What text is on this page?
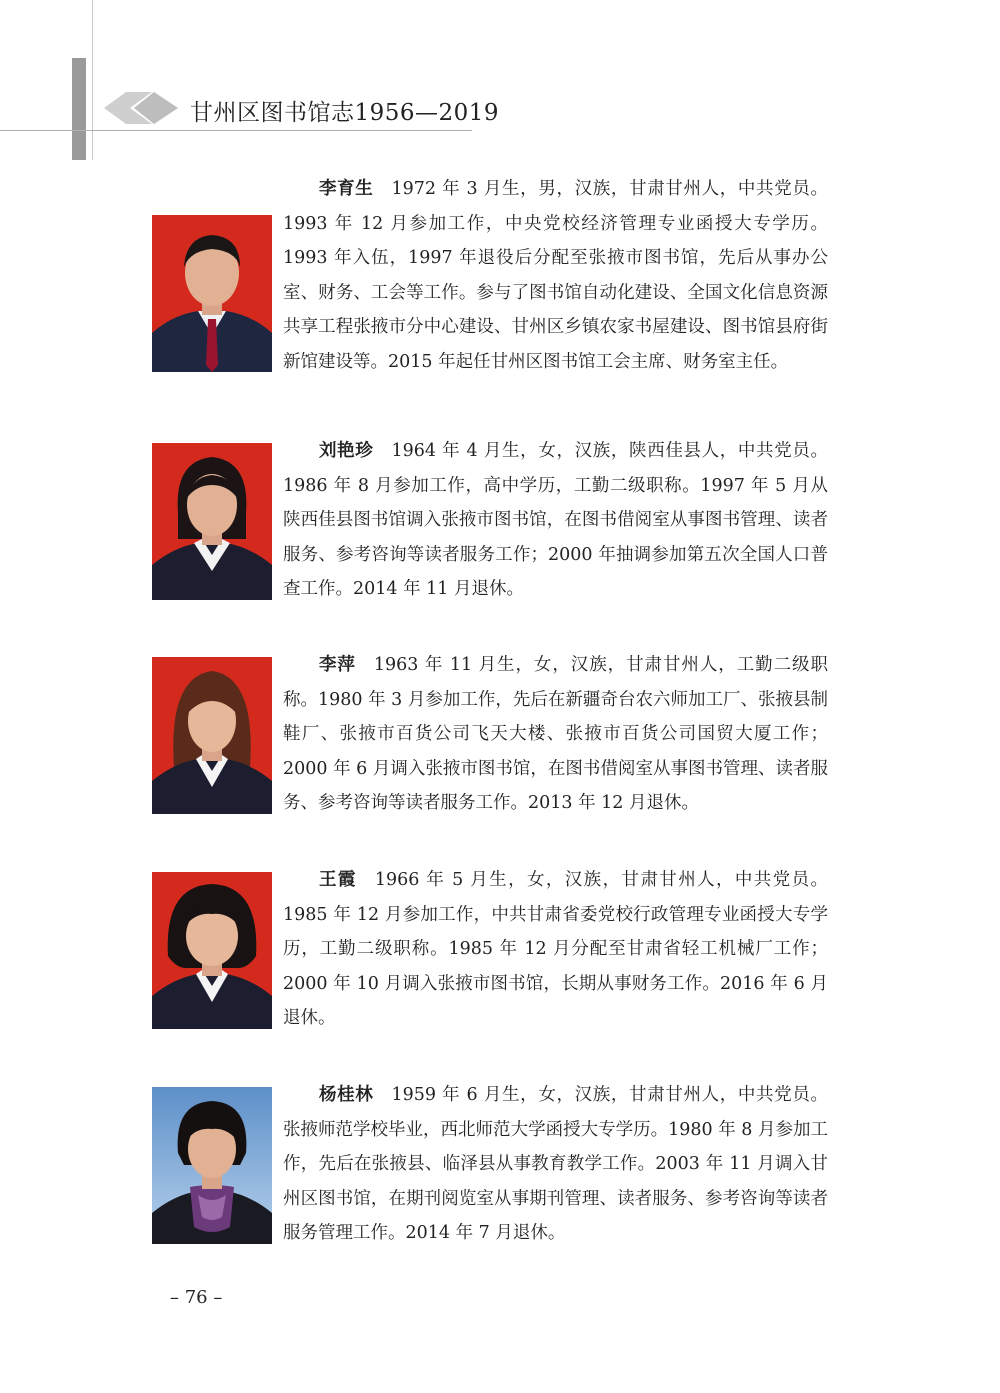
甘州区图书馆志1956—2019

李育生 1972 年 3 月生，男，汉族，甘肃甘州人，中共党员。1993 年 12 月参加工作，中央党校经济管理专业函授大专学历。1993 年入伍，1997 年退役后分配至张掖市图书馆，先后从事办公室、财务、工会等工作。参与了图书馆自动化建设、全国文化信息资源共享工程张掖市分中心建设、甘州区乡镇农家书屋建设、图书馆县府街新馆建设等。2015 年起任甘州区图书馆工会主席、财务室主任。

刘艳珍 1964 年 4 月生，女，汉族，陕西佳县人，中共党员。1986 年 8 月参加工作，高中学历，工勤二级职称。1997 年 5 月从陕西佳县图书馆调入张掖市图书馆，在图书借阅室从事图书管理、读者服务、参考咨询等读者服务工作；2000 年抽调参加第五次全国人口普查工作。2014 年 11 月退休。

李萍 1963 年 11 月生，女，汉族，甘肃甘州人，工勤二级职称。1980 年 3 月参加工作，先后在新疆奇台农六师加工厂、张掖县制鞋厂、张掖市百货公司飞天大楼、张掖市百货公司国贸大厦工作；2000 年 6 月调入张掖市图书馆，在图书借阅室从事图书管理、读者服务、参考咨询等读者服务工作。2013 年 12 月退休。

王霞 1966 年 5 月生，女，汉族，甘肃甘州人，中共党员。1985 年 12 月参加工作，中共甘肃省委党校行政管理专业函授大专学历，工勤二级职称。1985 年 12 月分配至甘肃省轻工机械厂工作；2000 年 10 月调入张掖市图书馆，长期从事财务工作。2016 年 6 月退休。

杨桂林 1959 年 6 月生，女，汉族，甘肃甘州人，中共党员。张掖师范学校毕业，西北师范大学函授大专学历。1980 年 8 月参加工作，先后在张掖县、临泽县从事教育教学工作。2003 年 11 月调入甘州区图书馆，在期刊阅览室从事期刊管理、读者服务、参考咨询等读者服务管理工作。2014 年 7 月退休。

– 76 –
